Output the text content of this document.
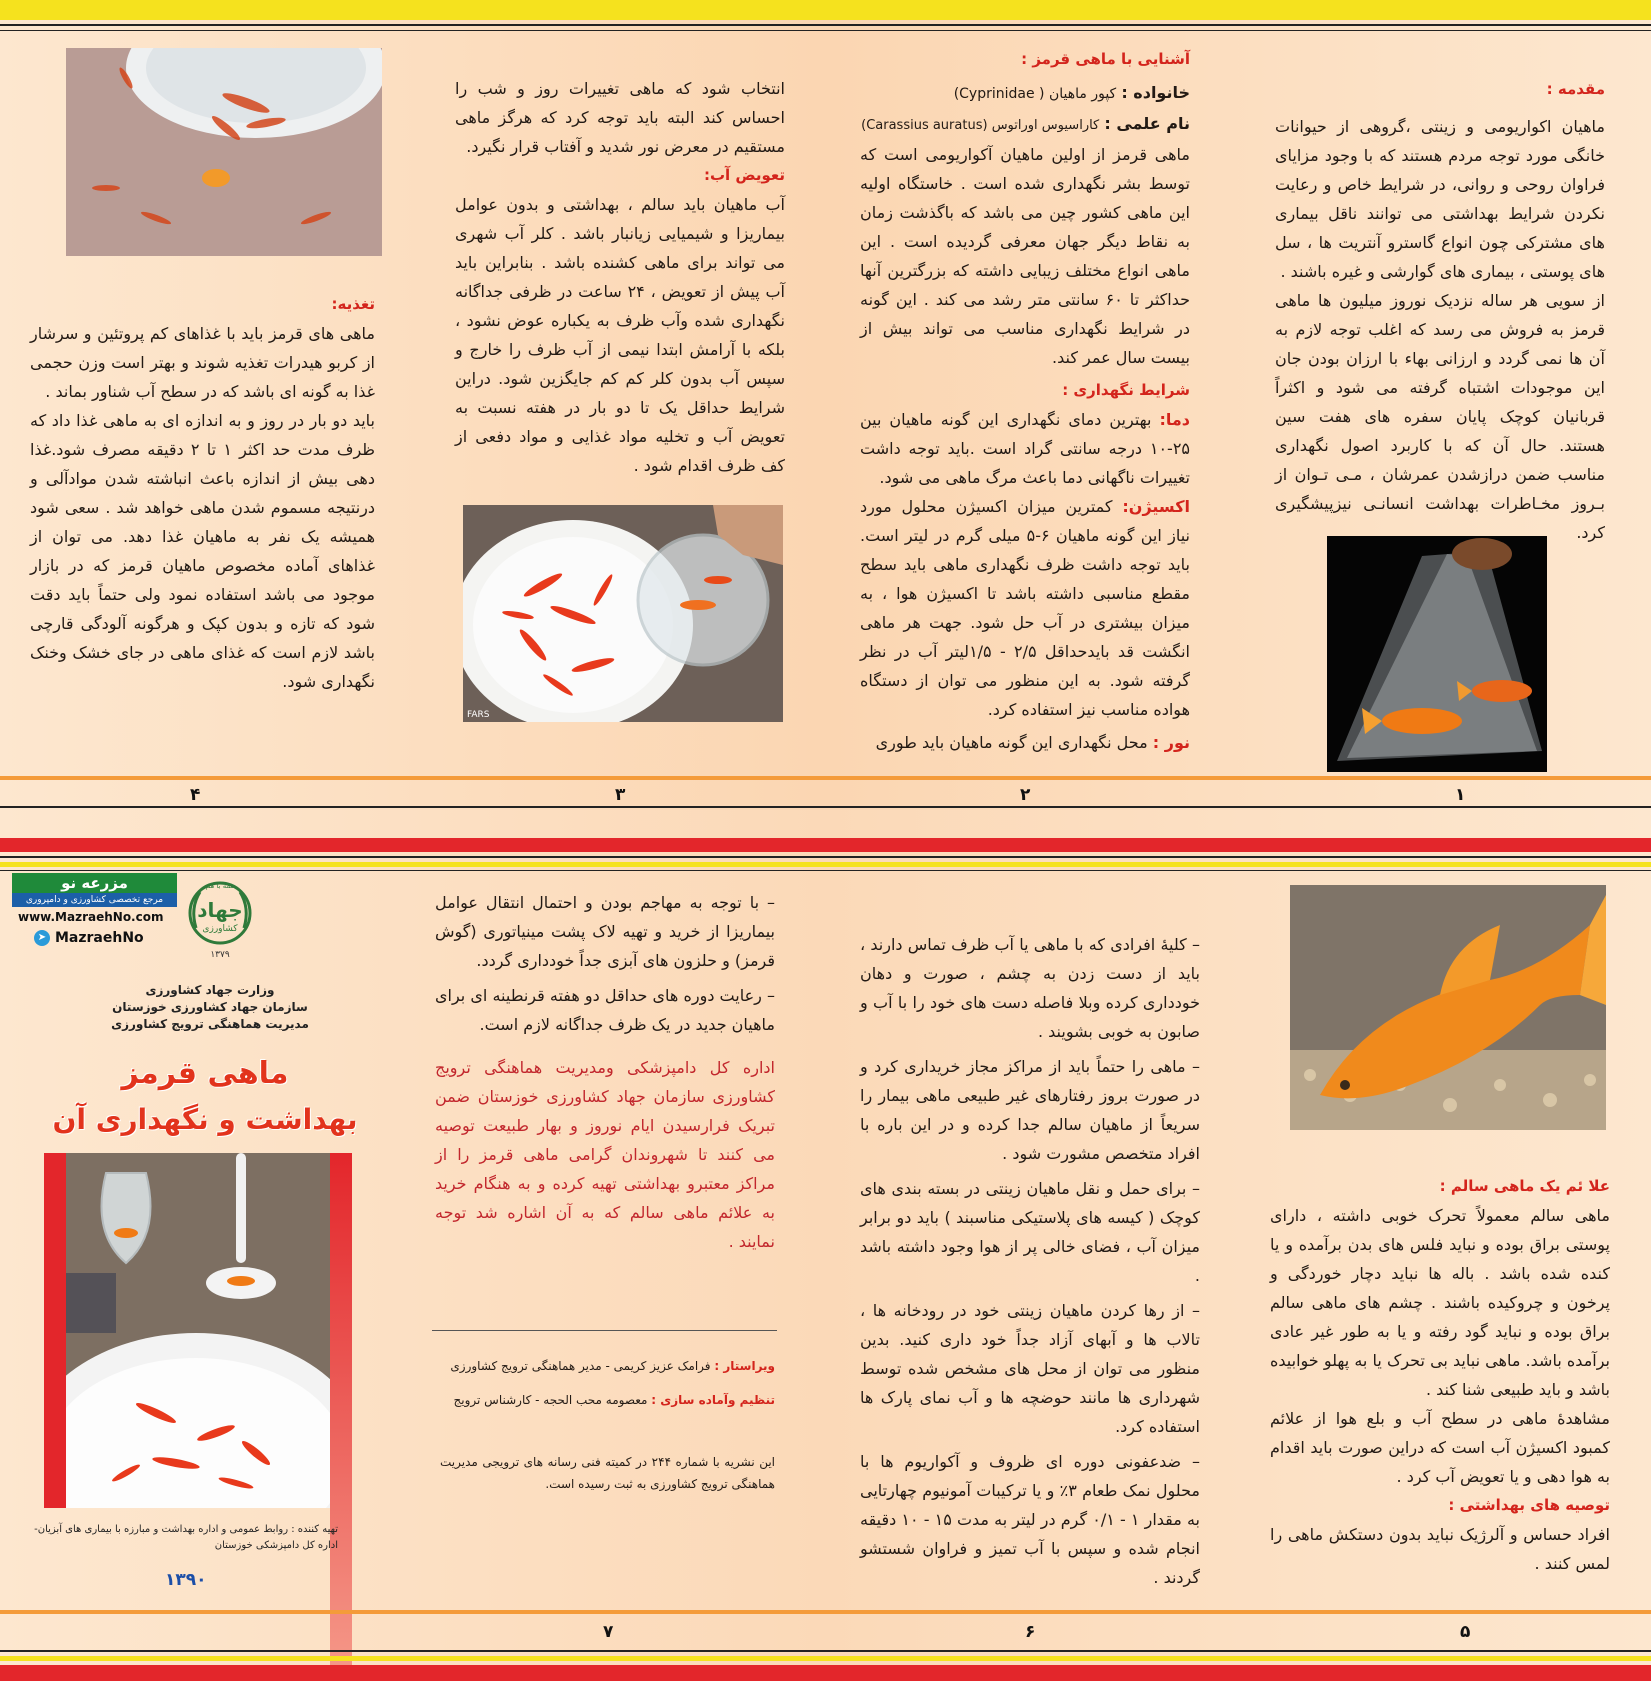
مقدمه :

ماهیان اکواریومی و زینتی ،گروهی از حیوانات خانگی مورد توجه مردم هستند که با وجود مزایای فراوان روحی و روانی، در شرایط خاص و رعایت نکردن شرایط بهداشتی می توانند ناقل بیماری های مشترکی چون انواع گاسترو آنتریت ها ، سل های پوستی ، بیماری های گوارشی و غیره باشند .

از سویی هر ساله نزدیک نوروز میلیون ها ماهی قرمز به فروش می رسد که اغلب توجه لازم به آن ها نمی گردد و ارزانی بهاء با ارزان بودن جان این موجودات اشتباه گرفته می شود و اکثراً قربانیان کوچک پایان سفره های هفت سین هستند. حال آن که با کاربرد اصول نگهداری مناسب ضمن درازشدن عمرشان ، مـی تـوان از بـروز مخـاطرات بهداشت انسانـی نیزپیشگیری کرد.

۱

آشنایی با ماهی قرمز :

خانواده : کپور ماهیان ( Cyprinidae)

نام علمی : کاراسیوس اوراتوس (Carassius auratus)

ماهی قرمز از اولین ماهیان آکواریومی است که توسط بشر نگهداری شده است . خاستگاه اولیه این ماهی کشور چین می باشد که باگذشت زمان به نقاط دیگر جهان معرفی گردیده است . این ماهی انواع مختلف زیبایی داشته که بزرگترین آنها حداکثر تا ۶۰ سانتی متر رشد می کند . این گونه در شرایط نگهداری مناسب می تواند بیش از بیست سال عمر کند.

شرایط نگهداری :

دما: بهترین دمای نگهداری این گونه ماهیان بین ۲۵-۱۰ درجه سانتی گراد است .باید توجه داشت تغییرات ناگهانی دما باعث مرگ ماهی می شود.

اکسیژن: کمترین میزان اکسیژن محلول مورد نیاز این گونه ماهیان ۶-۵ میلی گرم در لیتر است. باید توجه داشت ظرف نگهداری ماهی باید سطح مقطع مناسبی داشته باشد تا اکسیژن هوا ، به میزان بیشتری در آب حل شود. جهت هر ماهی انگشت قد بایدحداقل ۲/۵ - ۱/۵لیتر آب در نظر گرفته شود. به این منظور می توان از دستگاه هواده مناسب نیز استفاده کرد.

نور : محل نگهداری این گونه ماهیان باید طوری

۲

انتخاب شود که ماهی تغییرات روز و شب را احساس کند البته باید توجه کرد که هرگز ماهی مستقیم در معرض نور شدید و آفتاب قرار نگیرد.

تعویض آب:

آب ماهیان باید سالم ، بهداشتی و بدون عوامل بیماریزا و شیمیایی زیانبار باشد . کلر آب شهری می تواند برای ماهی کشنده باشد . بنابراین باید آب پیش از تعویض ، ۲۴ ساعت در ظرفی جداگانه نگهداری شده وآب ظرف به یکباره عوض نشود ، بلکه با آرامش ابتدا نیمی از آب ظرف را خارج و سپس آب بدون کلر کم کم جایگزین شود. دراین شرایط حداقل یک تا دو بار در هفته نسبت به تعویض آب و تخلیه مواد غذایی و مواد دفعی از کف ظرف اقدام شود .

FARS
۳

تغذیه:

ماهی های قرمز باید با غذاهای کم پروتئین و سرشار از کربو هیدرات تغذیه شوند و بهتر است وزن حجمی غذا به گونه ای باشد که در سطح آب شناور بماند .

باید دو بار در روز و به اندازه ای به ماهی غذا داد که ظرف مدت حد اکثر ۱ تا ۲ دقیقه مصرف شود.غذا دهی بیش از اندازه باعث انباشته شدن موادآلی و درنتیجه مسموم شدن ماهی خواهد شد . سعی شود همیشه یک نفر به ماهیان غذا دهد. می توان از غذاهای آماده مخصوص ماهیان قرمز که در بازار موجود می باشد استفاده نمود ولی حتماً باید دقت شود که تازه و بدون کپک و هرگونه آلودگی قارچی باشد لازم است که غذای ماهی در جای خشک وخنک نگهداری شود.

۴

علا ئم یک ماهی سالم :

ماهی سالم معمولاً تحرک خوبی داشته ، دارای پوستی براق بوده و نباید فلس های بدن برآمده و یا کنده شده باشد . باله ها نباید دچار خوردگی و پرخون و چروکیده باشند . چشم های ماهی سالم براق بوده و نباید گود رفته و یا به طور غیر عادی برآمده باشد. ماهی نباید بی تحرک یا به پهلو خوابیده باشد و باید طبیعی شنا کند .

مشاهدهٔ ماهی در سطح آب و بلع هوا از علائم کمبود اکسیژن آب است که دراین صورت باید اقدام به هوا دهی و یا تعویض آب کرد .

توصیه های بهداشتی :

افراد حساس و آلرژیک نباید بدون دستکش ماهی را لمس کنند .

۵

– کلیهٔ افرادی که با ماهی یا آب ظرف تماس دارند ، باید از دست زدن به چشم ، صورت و دهان خودداری کرده وبلا فاصله دست های خود را با آب و صابون به خوبی بشویند .

– ماهی را حتماً باید از مراکز مجاز خریداری کرد و در صورت بروز رفتارهای غیر طبیعی ماهی بیمار را سریعاً از ماهیان سالم جدا کرده و در این باره با افراد متخصص مشورت شود .

– برای حمل و نقل ماهیان زینتی در بسته بندی های کوچک ( کیسه های پلاستیکی مناسبند ) باید دو برابر میزان آب ، فضای خالی پر از هوا وجود داشته باشد .

– از رها کردن ماهیان زینتی خود در رودخانه ها ، تالاب ها و آبهای آزاد جداً خود داری کنید. بدین منظور می توان از محل های مشخص شده توسط شهرداری ها مانند حوضچه ها و آب نمای پارک ها استفاده کرد.

– ضدعفونی دوره ای ظروف و آکواریوم ها با محلول نمک طعام ۳٪ و یا ترکیبات آمونیوم چهارتایی به مقدار ۱ - ۰/۱ گرم در لیتر به مدت ۱۵ - ۱۰ دقیقه انجام شده و سپس با آب تمیز و فراوان شستشو گردند .

۶

– با توجه به مهاجم بودن و احتمال انتقال عوامل بیماریزا از خرید و تهیه لاک پشت مینیاتوری (گوش قرمز) و حلزون های آبزی جداً خودداری گردد.

– رعایت دوره های حداقل دو هفته قرنطینه ای برای ماهیان جدید در یک ظرف جداگانه لازم است.

اداره کل دامپزشکی ومدیریت هماهنگی ترویج کشاورزی سازمان جهاد کشاورزی خوزستان ضمن تبریک فرارسیدن ایام نوروز و بهار طبیعت توصیه می کنند تا شهروندان گرامی ماهی قرمز را از مراکز معتبرو بهداشتی تهیه کرده و به هنگام خرید به علائم ماهی سالم که به آن اشاره شد توجه نمایند .

ویراستار : فرامک عزیز کریمی - مدیر هماهنگی ترویج کشاورزی

تنظیم وآماده سازی : معصومه محب الحجه - کارشناس ترویج

این نشریه با شماره ۲۴۴ در کمیته فنی رسانه های ترویجی مدیریت هماهنگی ترویج کشاورزی به ثبت رسیده است.

۷
مزرعه نو
مرجع تخصصی کشاورزی و دامپروری
www.MazraehNo.com
➤ MazraehNo
همه با هم
جهاد
کشاورزی
۱۳۷۹
وزارت جهاد کشاورزی
سازمان جهاد کشاورزی خوزستان
مدیریت هماهنگی ترویج کشاورزی
ماهی قرمز
بهداشت و نگهداری آن
تهیه کننده : روابط عمومی و اداره بهداشت و مبارزه با بیماری های آبزیان- اداره کل دامپزشکی خوزستان
۱۳۹۰
